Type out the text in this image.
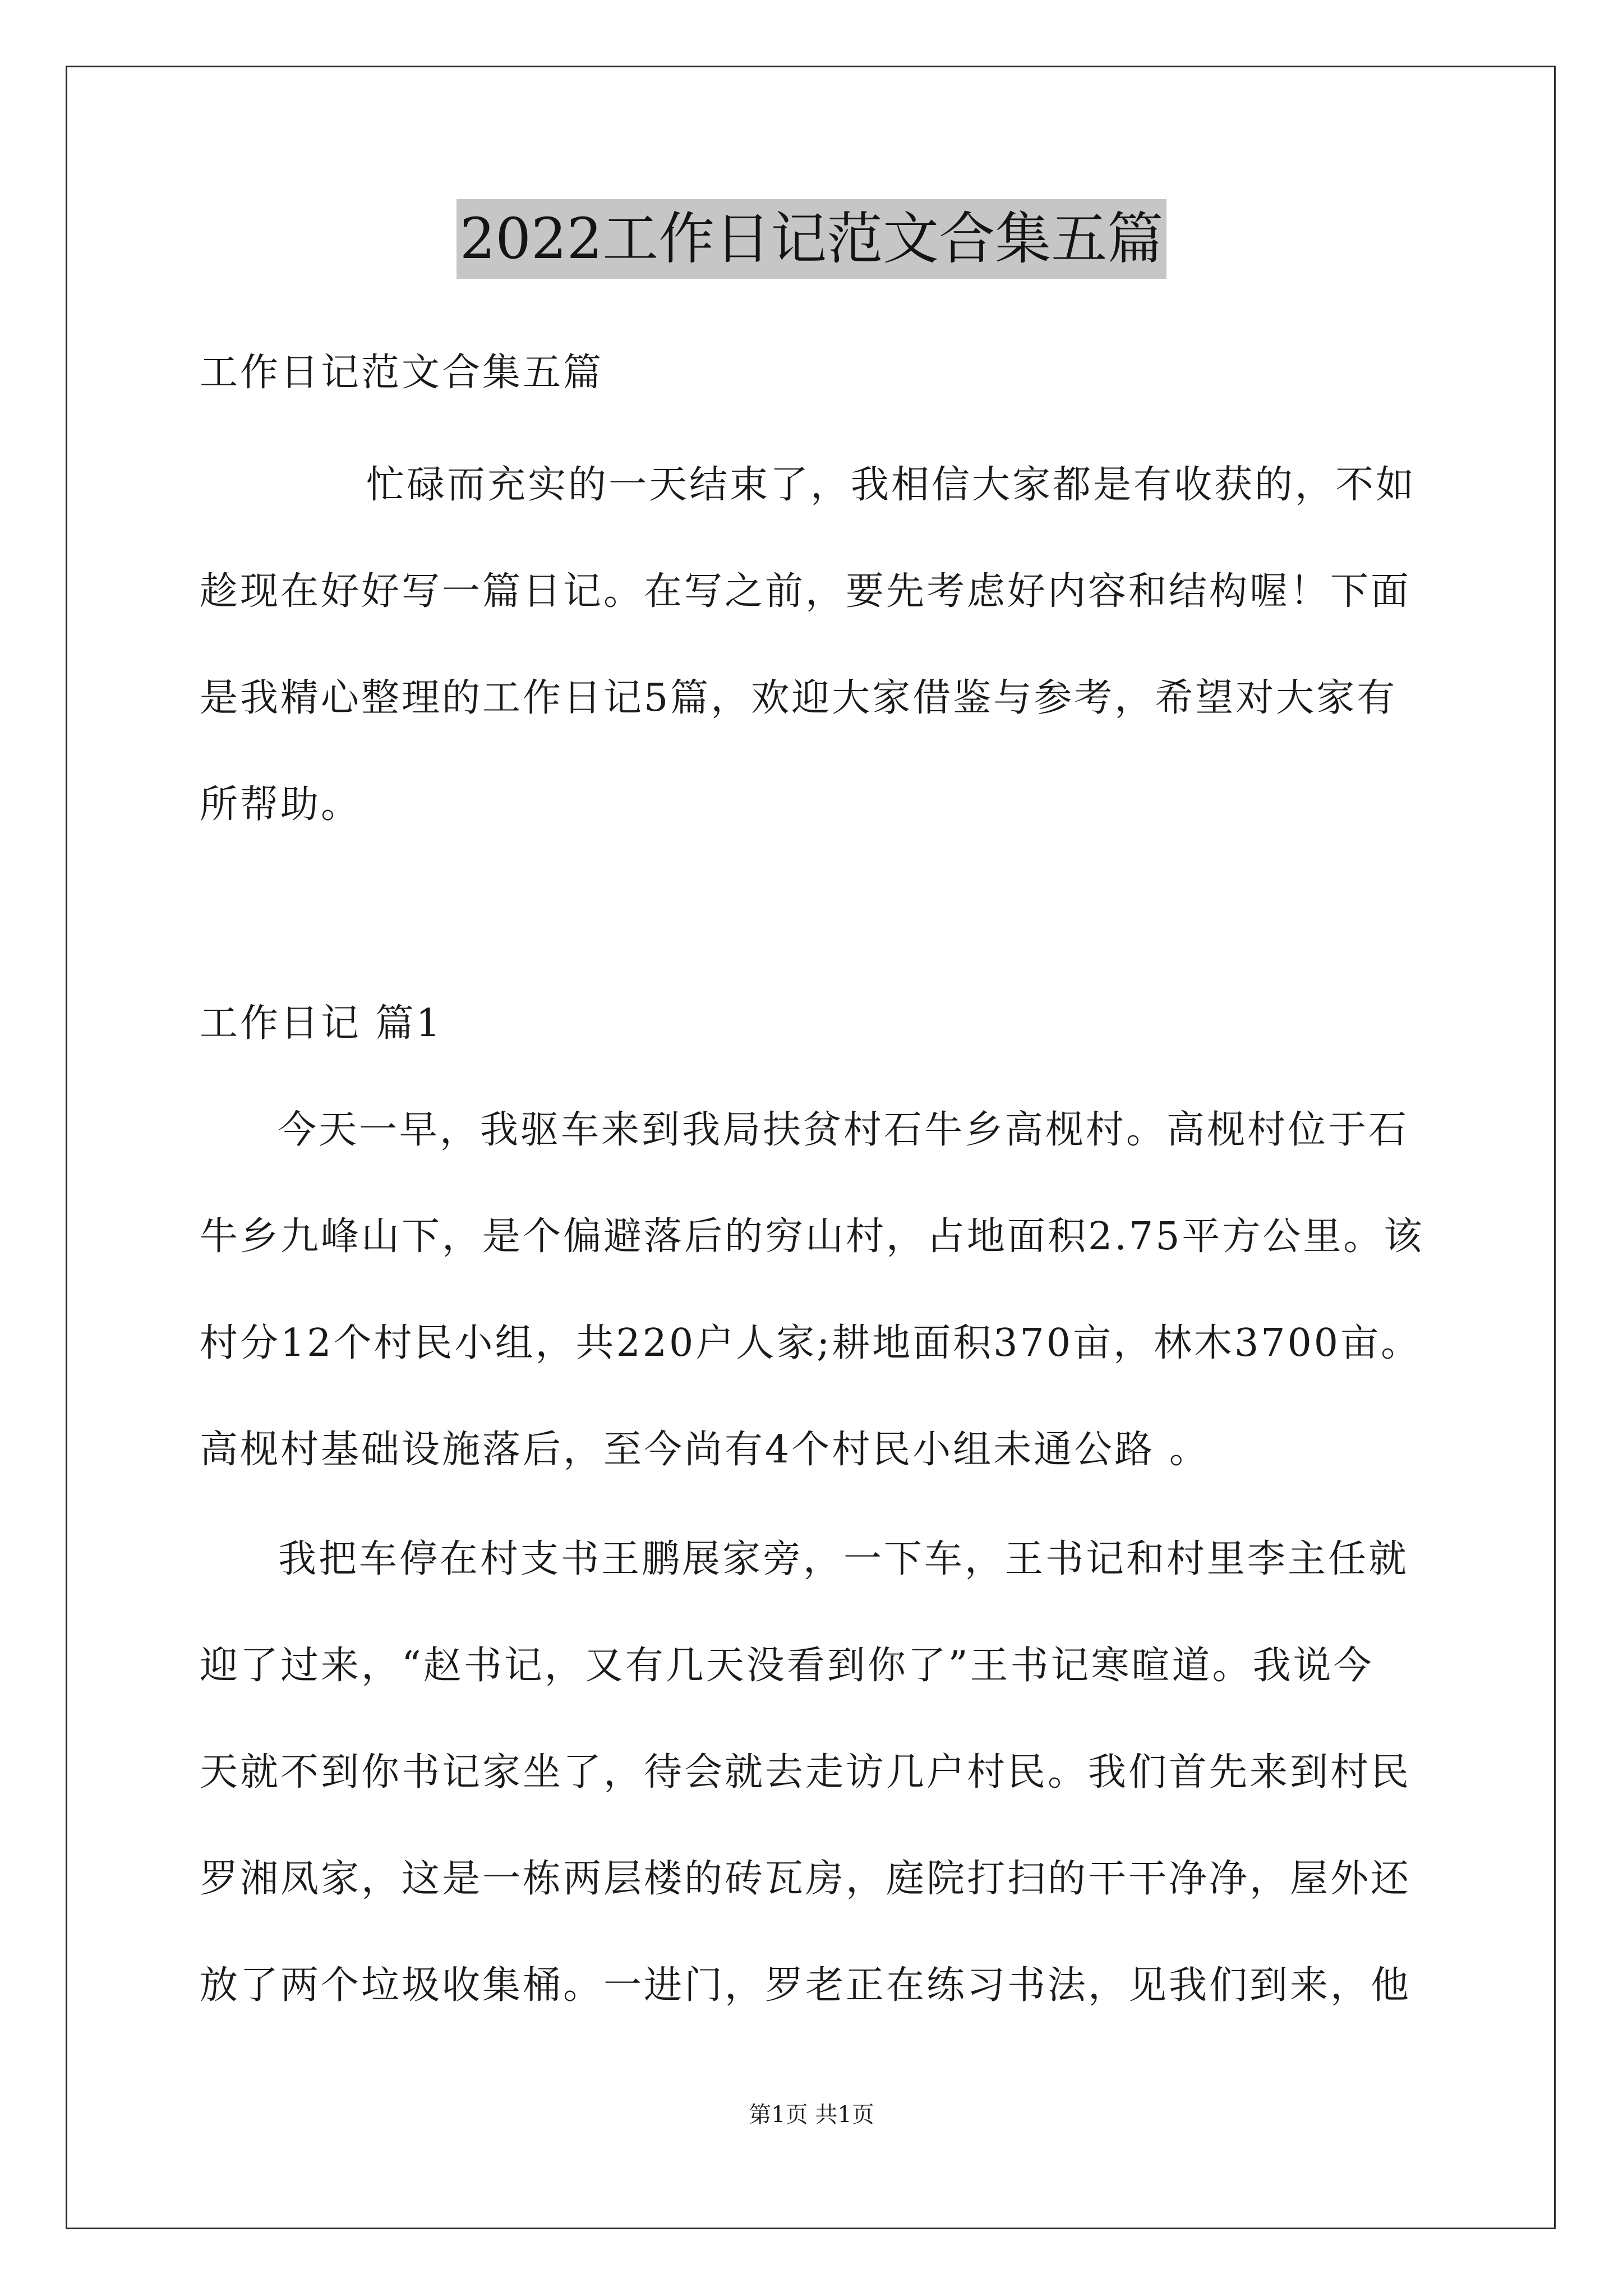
2022工作日记范文合集五篇
工作日记范文合集五篇
忙碌而充实的一天结束了，我相信大家都是有收获的，不如
趁现在好好写一篇日记。在写之前，要先考虑好内容和结构喔！下面
是我精心整理的工作日记5篇，欢迎大家借鉴与参考，希望对大家有
所帮助。
工作日记 篇1
今天一早，我驱车来到我局扶贫村石牛乡高枧村。高枧村位于石
牛乡九峰山下，是个偏避落后的穷山村，占地面积2.75平方公里。该
村分12个村民小组，共220户人家;耕地面积370亩，林木3700亩。
高枧村基础设施落后，至今尚有4个村民小组未通公路 。
我把车停在村支书王鹏展家旁，一下车，王书记和村里李主任就
迎了过来，“赵书记，又有几天没看到你了”王书记寒暄道。我说今
天就不到你书记家坐了，待会就去走访几户村民。我们首先来到村民
罗湘凤家，这是一栋两层楼的砖瓦房，庭院打扫的干干净净，屋外还
放了两个垃圾收集桶。一进门，罗老正在练习书法，见我们到来，他
第1页 共1页
